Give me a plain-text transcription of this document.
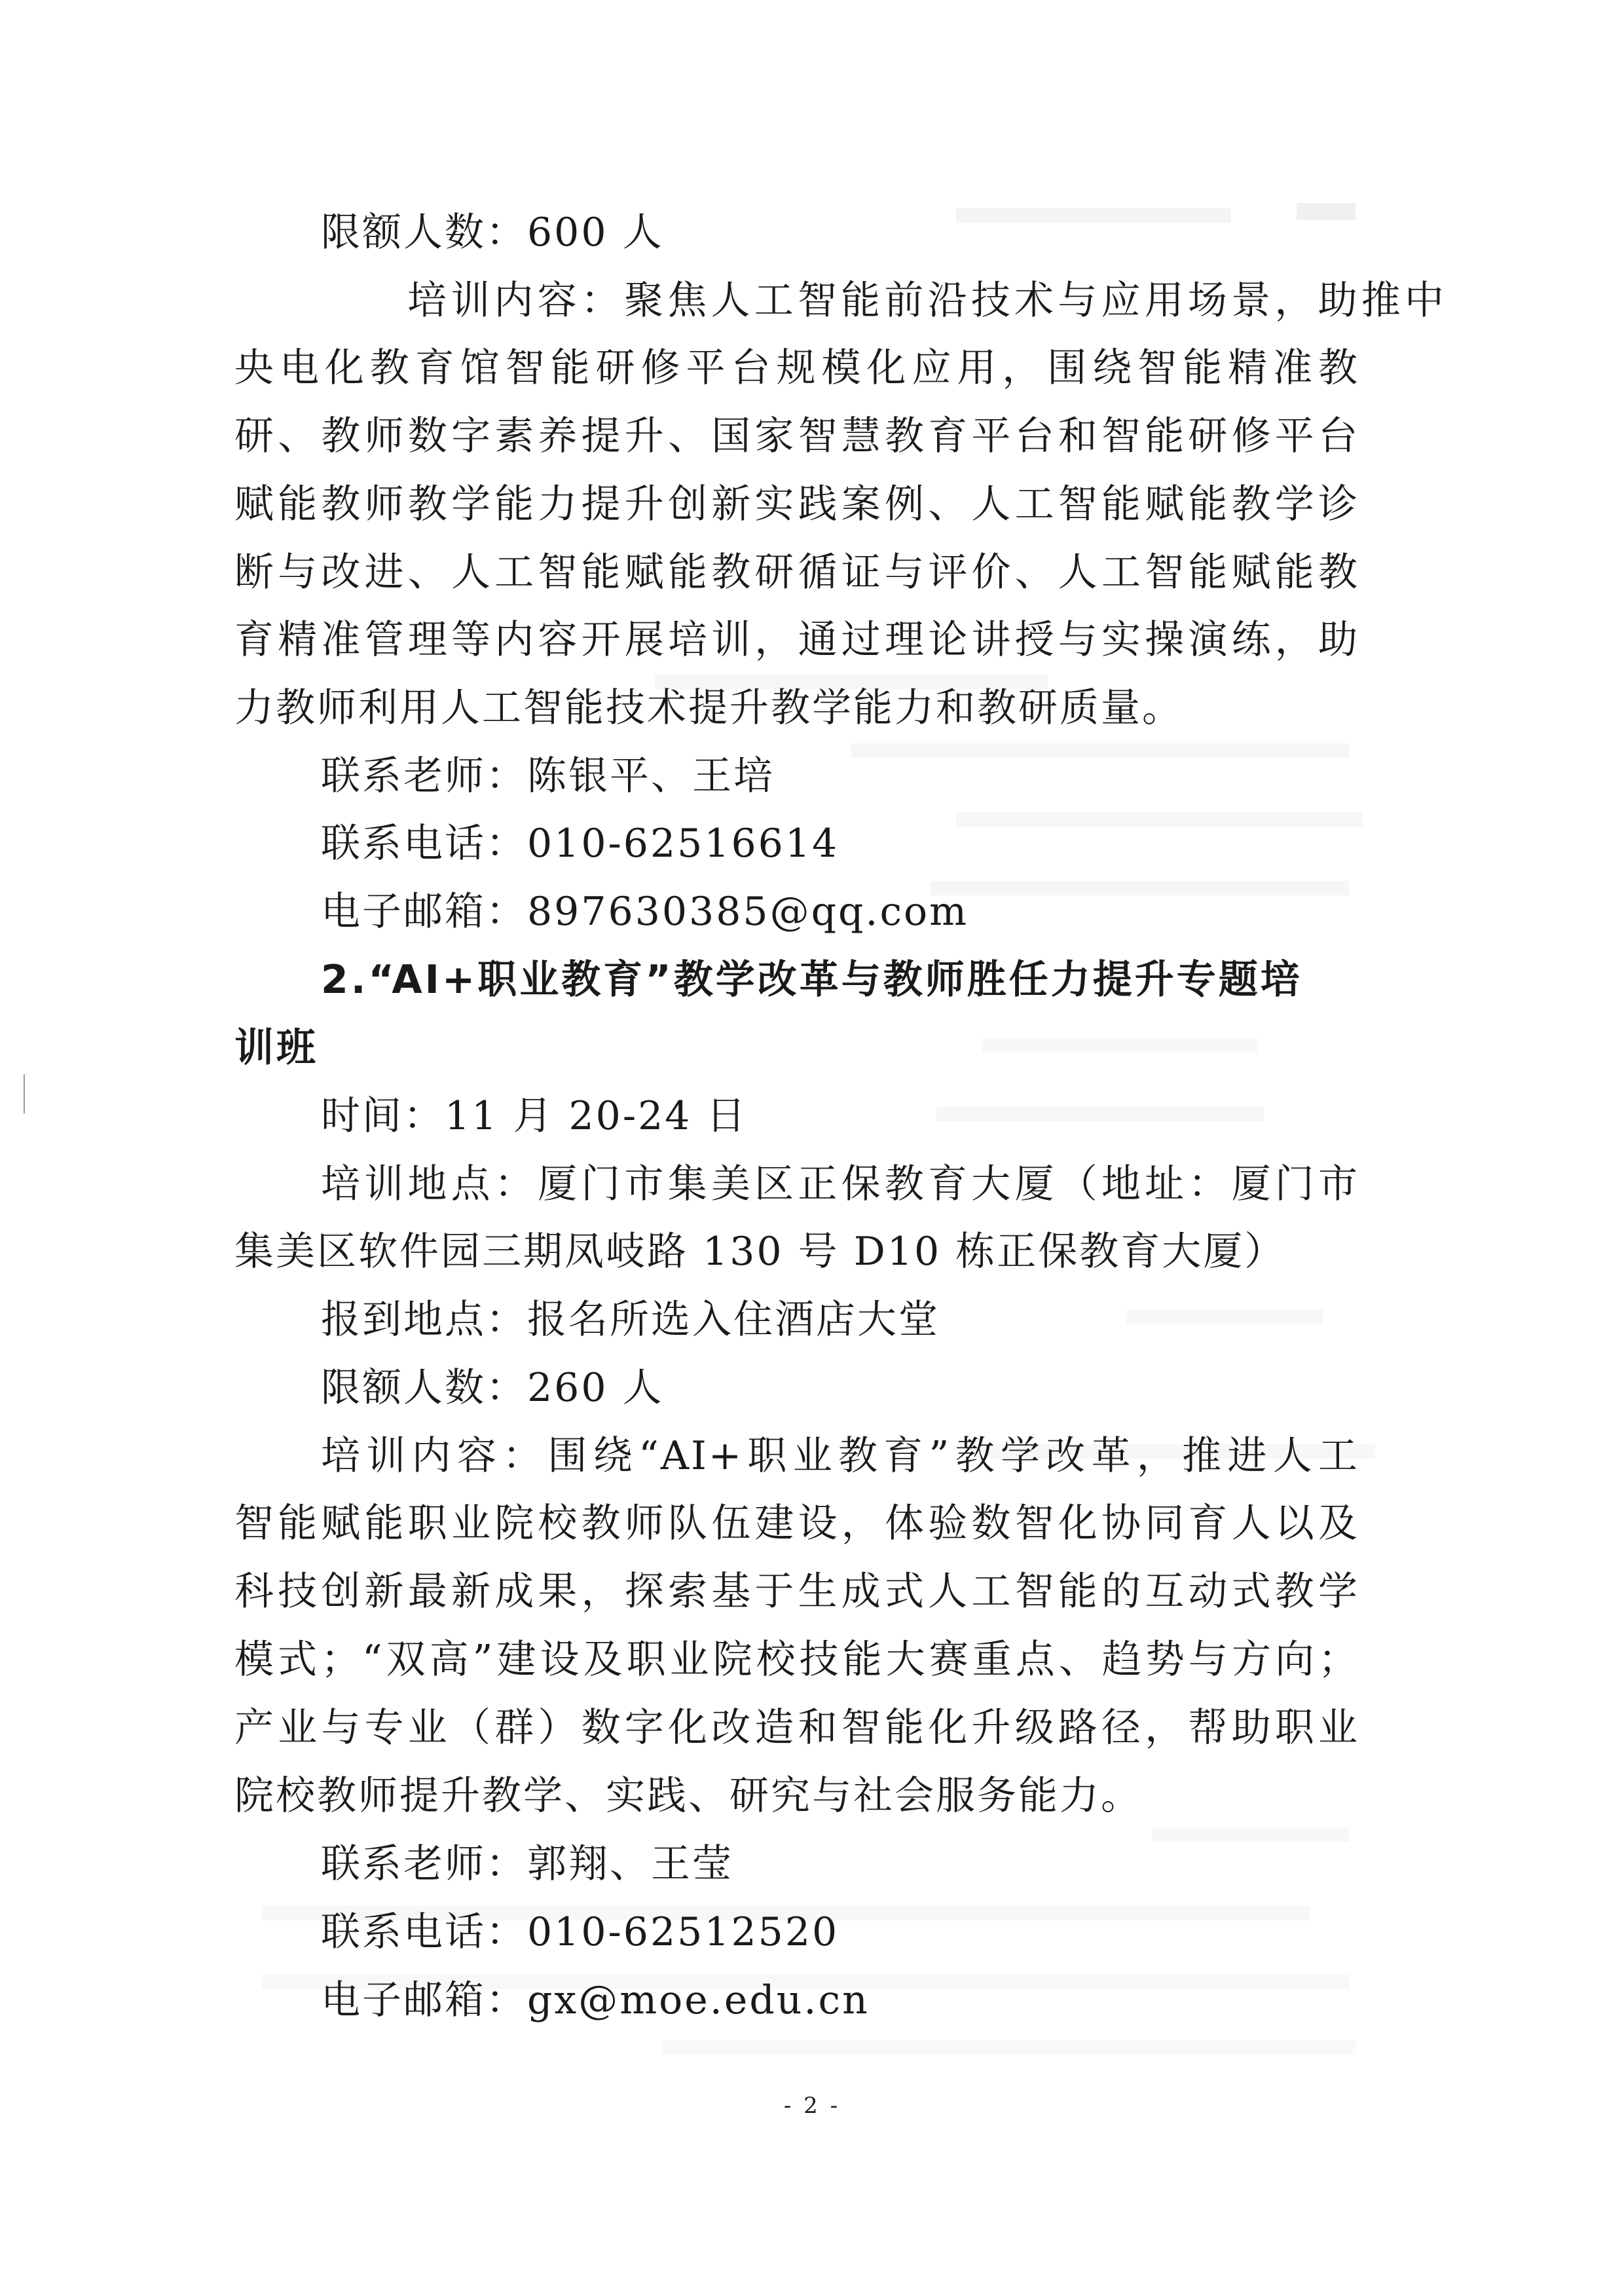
限额人数：600 人
培训内容：聚焦人工智能前沿技术与应用场景，助推中
央电化教育馆智能研修平台规模化应用，围绕智能精准教
研、教师数字素养提升、国家智慧教育平台和智能研修平台
赋能教师教学能力提升创新实践案例、人工智能赋能教学诊
断与改进、人工智能赋能教研循证与评价、人工智能赋能教
育精准管理等内容开展培训，通过理论讲授与实操演练，助
力教师利用人工智能技术提升教学能力和教研质量。
联系老师：陈银平、王培
联系电话：010-62516614
电子邮箱：897630385@qq.com
2.“AI+职业教育”教学改革与教师胜任力提升专题培
训班
时间：11 月 20-24 日
培训地点：厦门市集美区正保教育大厦（地址：厦门市
集美区软件园三期凤岐路 130 号 D10 栋正保教育大厦）
报到地点：报名所选入住酒店大堂
限额人数：260 人
培训内容：围绕“AI+职业教育”教学改革，推进人工
智能赋能职业院校教师队伍建设，体验数智化协同育人以及
科技创新最新成果，探索基于生成式人工智能的互动式教学
模式；“双高”建设及职业院校技能大赛重点、趋势与方向；
产业与专业（群）数字化改造和智能化升级路径，帮助职业
院校教师提升教学、实践、研究与社会服务能力。
联系老师：郭翔、王莹
联系电话：010-62512520
电子邮箱：gx@moe.edu.cn
- 2 -
